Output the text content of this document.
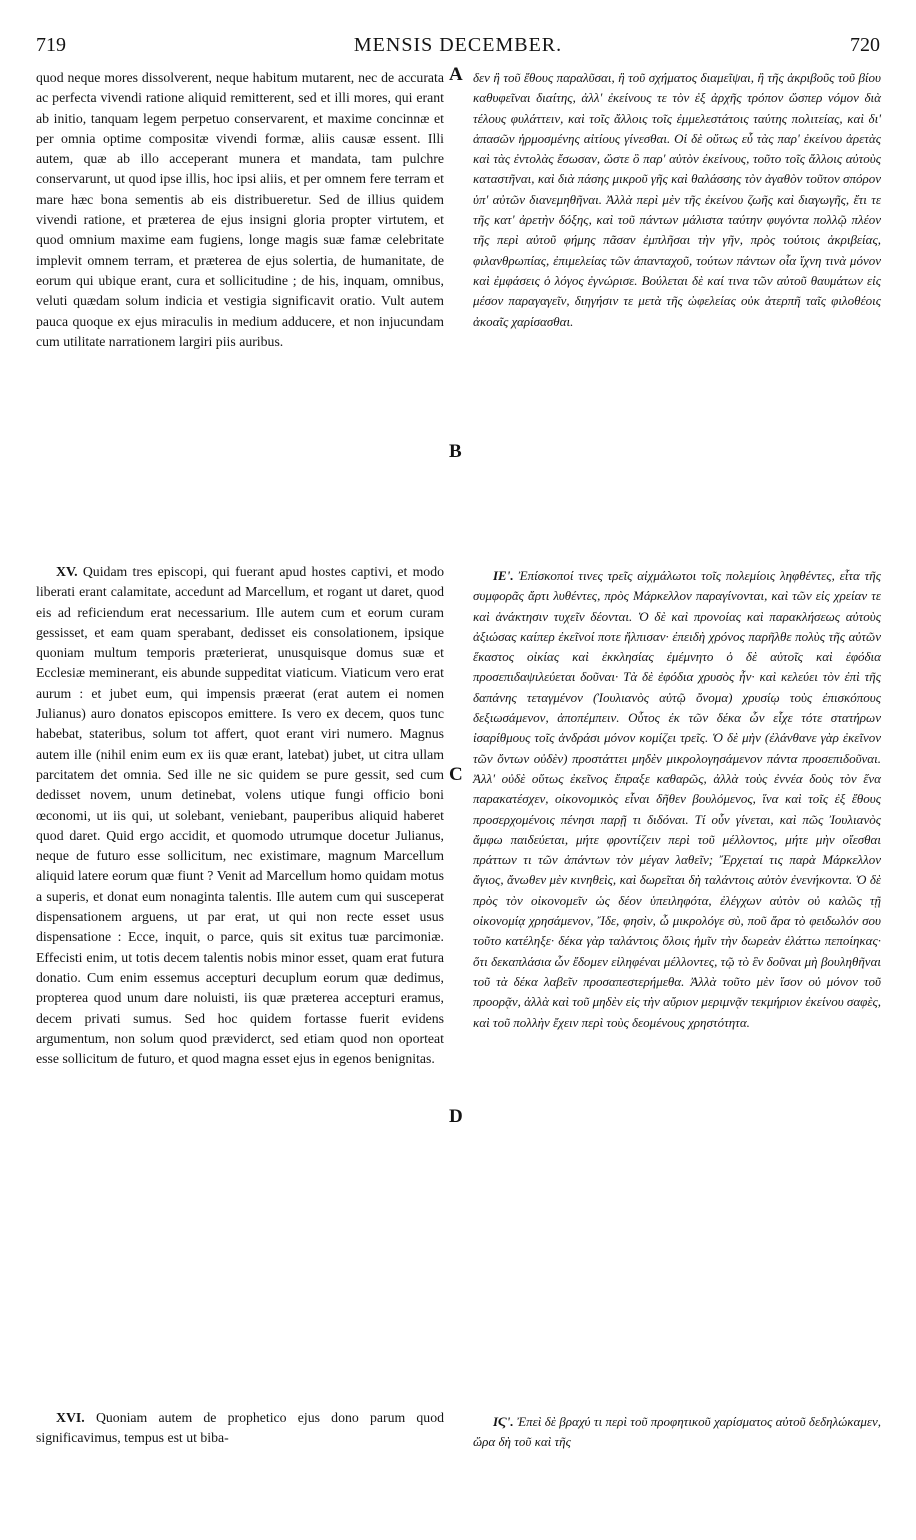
719	MENSIS DECEMBER.	720

quod neque mores dissolverent, neque habitum mutarent, nec de accurata ac perfecta vivendi ratione aliquid remitterent, sed et illi mores, qui erant ab initio, tanquam legem perpetuo conservarent, et maxime concinnæ et per omnia optime compositæ vivendi formæ, aliis causæ essent. Illi autem, quæ ab illo acceperant munera et mandata, tam pulchre conservarunt, ut quod ipse illis, hoc ipsi aliis, et per omnem fere terram et mare hæc bona sementis ab eis distribueretur. Sed de illius quidem vivendi ratione, et præterea de ejus insigni gloria propter virtutem, et quod omnium maxime eam fugiens, longe magis suæ famæ celebritate implevit omnem terram, et præterea de ejus solertia, de humanitate, de eorum qui ubique erant, cura et sollicitudine ; de his, inquam, omnibus, veluti quædam solum indicia et vestigia significavit oratio. Vult autem pauca quoque ex ejus miraculis in medium adducere, et non injucundam cum utilitate narrationem largiri piis auribus.

XV. Quidam tres episcopi, qui fuerant apud hostes captivi, et modo liberati erant calamitate, accedunt ad Marcellum, et rogant ut daret, quod eis ad reficiendum erat necessarium. Ille autem cum et eorum curam gessisset, et eam quam sperabant, dedisset eis consolationem, ipsique quoniam multum temporis præterierat, unusquisque domus suæ et Ecclesiæ meminerant, eis abunde suppeditat viaticum. Viaticum vero erat aurum : et jubet eum, qui impensis præerat (erat autem ei nomen Julianus) auro donatos episcopos emittere. Is vero ex decem, quos tunc habebat, stateribus, solum tot affert, quot erant viri numero. Magnus autem ille (nihil enim eum ex iis quæ erant, latebat) jubet, ut citra ullam parcitatem det omnia. Sed ille ne sic quidem se pure gessit, sed cum dedisset novem, unum detinebat, volens utique fungi officio boni œconomi, ut iis qui, ut solebant, veniebant, pauperibus aliquid haberet quod daret. Quid ergo accidit, et quomodo utrumque docetur Julianus, neque de futuro esse sollicitum, nec existimare, magnum Marcellum aliquid latere eorum quæ fiunt ? Venit ad Marcellum homo quidam motus a superis, et donat eum nonaginta talentis. Ille autem cum qui susceperat dispensationem arguens, ut par erat, ut qui non recte esset usus dispensatione : Ecce, inquit, o parce, quis sit exitus tuæ parcimoniæ. Effecisti enim, ut totis decem talentis nobis minor esset, quam erat futura donatio. Cum enim essemus accepturi decuplum eorum quæ dedimus, propterea quod unum dare noluisti, iis quæ præterea accepturi eramus, decem privati sumus. Sed hoc quidem fortasse fuerit evidens argumentum, non solum quod præviderct, sed etiam quod non oporteat esse sollicitum de futuro, et quod magna esset ejus in egenos benignitas.

XVI. Quoniam autem de prophetico ejus dono parum quod significavimus, tempus est ut biba-

A
B
C
D

δεν ἢ τοῦ ἔθους παραλῦσαι, ἢ τοῦ σχήματος διαμεῖψαι, ἢ τῆς ἀκριβοῦς τοῦ βίου καθυφεῖναι διαίτης, ἀλλ' ἐκείνους τε τὸν ἐξ ἀρχῆς τρόπον ὥσπερ νόμον διὰ τέλους φυλάττειν, καὶ τοῖς ἄλλοις τοῖς ἐμμελεστάτοις ταύτης πολιτείας, καὶ δι' ἁπασῶν ἡρμοσμένης αἰτίους γίνεσθαι. Οἱ δὲ οὕτως εὖ τὰς παρ' ἐκείνου ἀρετὰς καὶ τὰς ἐντολὰς ἔσωσαν, ὥστε ὃ παρ' αὐτὸν ἐκείνους, τοῦτο τοῖς ἄλλοις αὐτοὺς καταστῆναι, καὶ διὰ πάσης μικροῦ γῆς καὶ θαλάσσης τὸν ἀγαθὸν τοῦτον σπόρον ὑπ' αὐτῶν διανεμηθῆναι. Ἀλλὰ περὶ μὲν τῆς ἐκείνου ζωῆς καὶ διαγωγῆς, ἔτι τε τῆς κατ' ἀρετὴν δόξης, καὶ τοῦ πάντων μάλιστα ταύτην φυγόντα πολλῷ πλέον τῆς περὶ αὐτοῦ φήμης πᾶσαν ἐμπλῆσαι τὴν γῆν, πρὸς τούτοις ἀκριβείας, φιλανθρωπίας, ἐπιμελείας τῶν ἁπανταχοῦ, τούτων πάντων οἷα ἴχνη τινὰ μόνον καὶ ἐμφάσεις ὁ λόγος ἐγνώρισε. Βούλεται δὲ καί τινα τῶν αὐτοῦ θαυμάτων εἰς μέσον παραγαγεῖν, διηγήσιν τε μετὰ τῆς ὠφελείας οὐκ ἀτερπῆ ταῖς φιλοθέοις ἀκοαῖς χαρίσασθαι.

ΙΕ'. Ἐπίσκοποί τινες τρεῖς αἰχμάλωτοι τοῖς πολεμίοις ληφθέντες, εἶτα τῆς συμφορᾶς ἄρτι λυθέντες, πρὸς Μάρκελλον παραγίνονται, καὶ τῶν εἰς χρείαν τε καὶ ἀνάκτησιν τυχεῖν δέονται. Ὁ δὲ καὶ προνοίας καὶ παρακλήσεως αὐτοὺς ἀξιώσας καίπερ ἐκεῖνοί ποτε ἤλπισαν· ἐπειδὴ χρόνος παρῆλθε πολὺς τῆς αὐτῶν ἕκαστος οἰκίας καὶ ἐκκλησίας ἐμέμνητο ὁ δὲ αὐτοῖς καὶ ἐφόδια προσεπιδαψιλεύεται δοῦναι· Τὰ δὲ ἐφόδια χρυσὸς ἦν· καὶ κελεύει τὸν ἐπὶ τῆς δαπάνης τεταγμένον (Ἰουλιανὸς αὐτῷ ὄνομα) χρυσίῳ τοὺς ἐπισκόπους δεξιωσάμενον, ἀποπέμπειν. Οὗτος ἐκ τῶν δέκα ὧν εἶχε τότε στατήρων ἰσαρίθμους τοῖς ἀνδράσι μόνον κομίζει τρεῖς. Ὁ δὲ μὴν (ἐλάνθανε γὰρ ἐκεῖνον τῶν ὄντων οὐδὲν) προστάττει μηδὲν μικρολογησάμενον πάντα προσεπιδοῦναι. Ἀλλ' οὐδὲ οὕτως ἐκεῖνος ἔπραξε καθαρῶς, ἀλλὰ τοὺς ἐννέα δοὺς τὸν ἕνα παρακατέσχεν, οἰκονομικὸς εἶναι δῆθεν βουλόμενος, ἵνα καὶ τοῖς ἐξ ἔθους προσερχομένοις πένησι παρῇ τι διδόναι. Τί οὖν γίνεται, καὶ πῶς Ἰουλιανὸς ἄμφω παιδεύεται, μήτε φροντίζειν περὶ τοῦ μέλλοντος, μήτε μὴν οἴεσθαι πράττων τι τῶν ἁπάντων τὸν μέγαν λαθεῖν; Ἔρχεταί τις παρὰ Μάρκελλον ἄγιος, ἄνωθεν μὲν κινηθεὶς, καὶ δωρεῖται δὴ ταλάντοις αὐτὸν ἐνενήκοντα. Ὁ δὲ πρὸς τὸν οἰκονομεῖν ὡς δέον ὑπειληφότα, ἐλέγχων αὐτὸν οὐ καλῶς τῇ οἰκονομίᾳ χρησάμενον, Ἴδε, φησὶν, ὦ μικρολόγε σὺ, ποῦ ἄρα τὸ φειδωλόν σου τοῦτο κατέληξε· δέκα γὰρ ταλάντοις ὅλοις ἡμῖν τὴν δωρεὰν ἐλάττω πεποίηκας· ὅτι δεκαπλάσια ὧν ἔδομεν εἰληφέναι μέλλοντες, τῷ τὸ ἓν δοῦναι μὴ βουληθῆναι τοῦ τὰ δέκα λαβεῖν προσαπεστερήμεθα. Ἀλλὰ τοῦτο μὲν ἴσον οὐ μόνον τοῦ προορᾷν, ἀλλὰ καὶ τοῦ μηδὲν εἰς τὴν αὔριον μεριμνᾷν τεκμήριον ἐκείνου σαφὲς, καὶ τοῦ πολλὴν ἔχειν περὶ τοὺς δεομένους χρηστότητα.

ΙϚ'. Ἐπεὶ δὲ βραχύ τι περὶ τοῦ προφητικοῦ χαρίσματος αὐτοῦ δεδηλώκαμεν, ὥρα δὴ τοῦ καὶ τῆς
